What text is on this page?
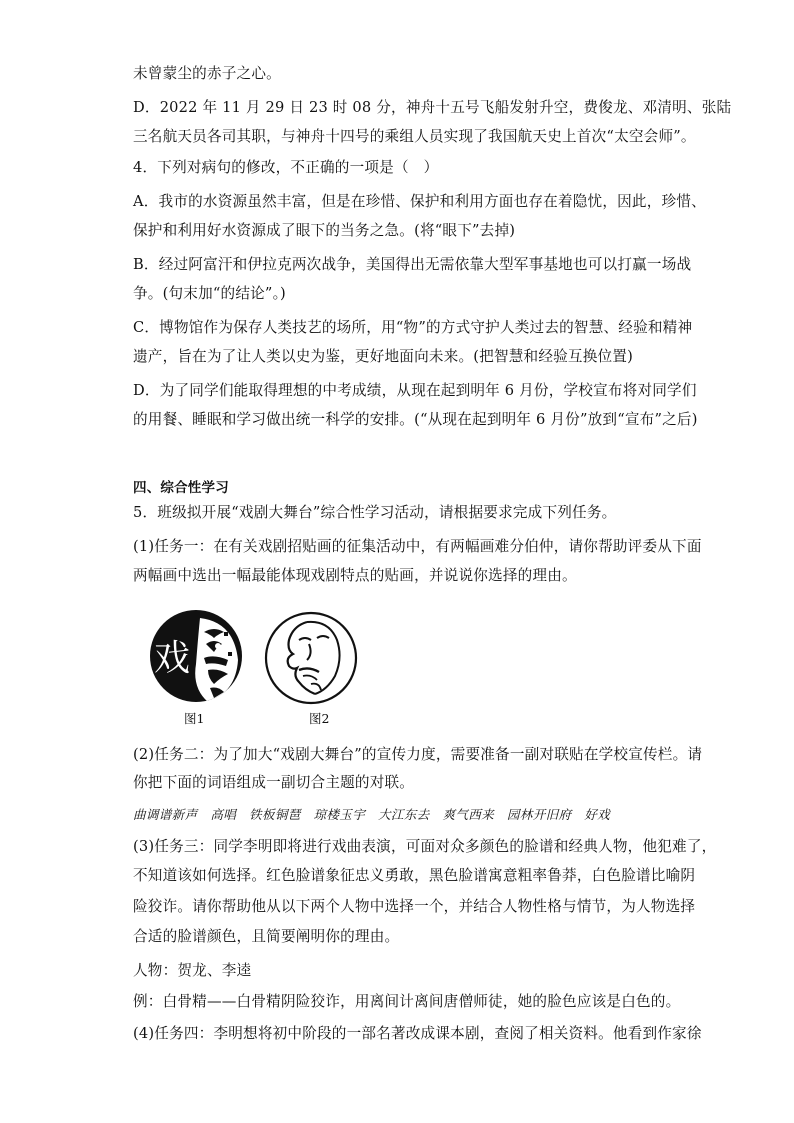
未曾蒙尘的赤子之心。
D．2022 年 11 月 29 日 23 时 08 分，神舟十五号飞船发射升空，费俊龙、邓清明、张陆
三名航天员各司其职，与神舟十四号的乘组人员实现了我国航天史上首次“太空会师”。
4．下列对病句的修改，不正确的一项是（　）
A．我市的水资源虽然丰富，但是在珍惜、保护和利用方面也存在着隐忧，因此，珍惜、
保护和利用好水资源成了眼下的当务之急。(将“眼下”去掉)
B．经过阿富汗和伊拉克两次战争，美国得出无需依靠大型军事基地也可以打赢一场战
争。(句末加“的结论”。)
C．博物馆作为保存人类技艺的场所，用“物”的方式守护人类过去的智慧、经验和精神
遗产，旨在为了让人类以史为鉴，更好地面向未来。(把智慧和经验互换位置)
D．为了同学们能取得理想的中考成绩，从现在起到明年 6 月份，学校宣布将对同学们
的用餐、睡眠和学习做出统一科学的安排。(“从现在起到明年 6 月份”放到“宣布”之后)
四、综合性学习
5．班级拟开展“戏剧大舞台”综合性学习活动，请根据要求完成下列任务。
(1)任务一：在有关戏剧招贴画的征集活动中，有两幅画难分伯仲，请你帮助评委从下面
两幅画中选出一幅最能体现戏剧特点的贴画，并说说你选择的理由。
戏
图1	图2
(2)任务二：为了加大“戏剧大舞台”的宣传力度，需要准备一副对联贴在学校宣传栏。请
你把下面的词语组成一副切合主题的对联。
曲调谱新声　高唱　铁板铜琶　琼楼玉宇　大江东去　爽气西来　园林开旧府　好戏
(3)任务三：同学李明即将进行戏曲表演，可面对众多颜色的脸谱和经典人物，他犯难了，
不知道该如何选择。红色脸谱象征忠义勇敢，黑色脸谱寓意粗率鲁莽，白色脸谱比喻阴
险狡诈。请你帮助他从以下两个人物中选择一个，并结合人物性格与情节，为人物选择
合适的脸谱颜色，且简要阐明你的理由。
人物：贺龙、李逵
例：白骨精——白骨精阴险狡诈，用离间计离间唐僧师徒，她的脸色应该是白色的。
(4)任务四：李明想将初中阶段的一部名著改成课本剧，查阅了相关资料。他看到作家徐
